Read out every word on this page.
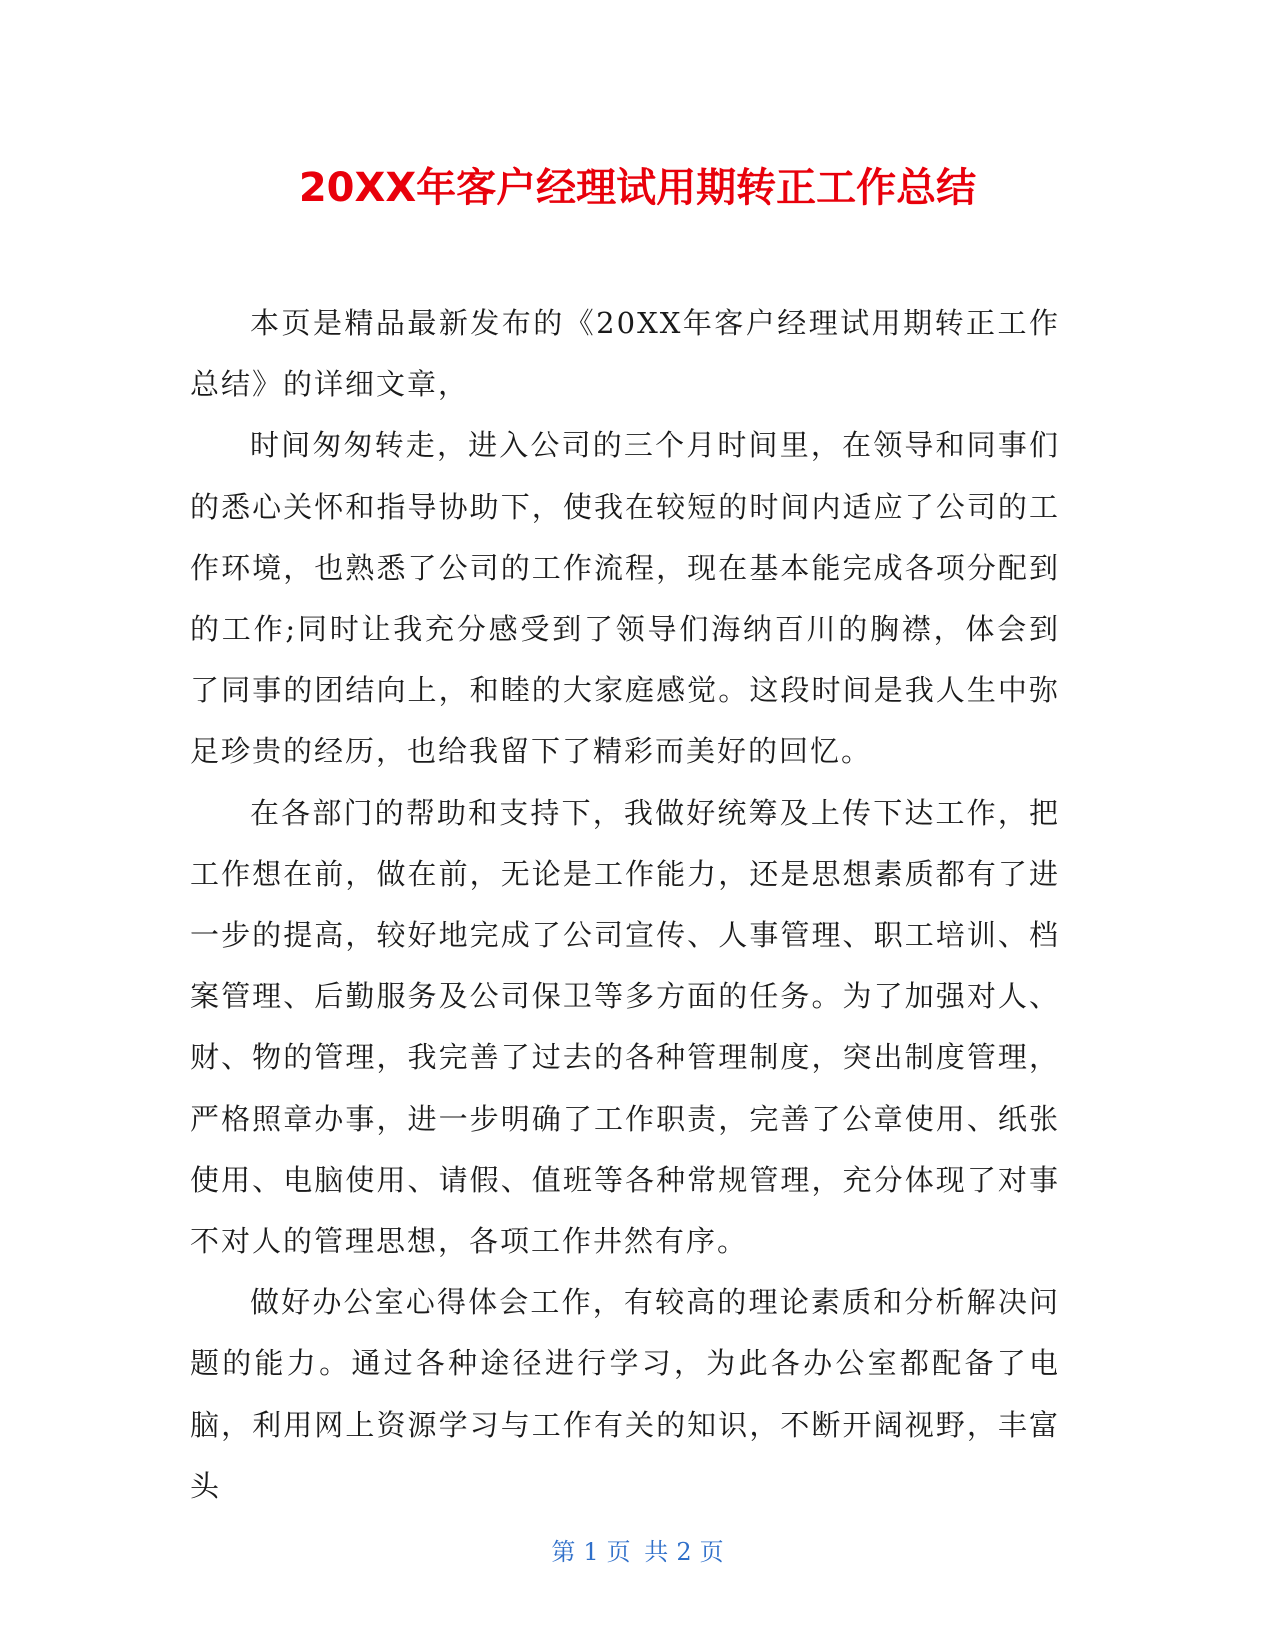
20XX年客户经理试用期转正工作总结

本页是精品最新发布的《20XX年客户经理试用期转正工作总结》的详细文章，

时间匆匆转走，进入公司的三个月时间里，在领导和同事们的悉心关怀和指导协助下，使我在较短的时间内适应了公司的工作环境，也熟悉了公司的工作流程，现在基本能完成各项分配到的工作;同时让我充分感受到了领导们海纳百川的胸襟，体会到了同事的团结向上，和睦的大家庭感觉。这段时间是我人生中弥足珍贵的经历，也给我留下了精彩而美好的回忆。

在各部门的帮助和支持下，我做好统筹及上传下达工作，把工作想在前，做在前，无论是工作能力，还是思想素质都有了进一步的提高，较好地完成了公司宣传、人事管理、职工培训、档案管理、后勤服务及公司保卫等多方面的任务。为了加强对人、财、物的管理，我完善了过去的各种管理制度，突出制度管理，严格照章办事，进一步明确了工作职责，完善了公章使用、纸张使用、电脑使用、请假、值班等各种常规管理，充分体现了对事不对人的管理思想，各项工作井然有序。

做好办公室心得体会工作，有较高的理论素质和分析解决问题的能力。通过各种途径进行学习，为此各办公室都配备了电脑，利用网上资源学习与工作有关的知识，不断开阔视野，丰富头

第 1 页 共 2 页
